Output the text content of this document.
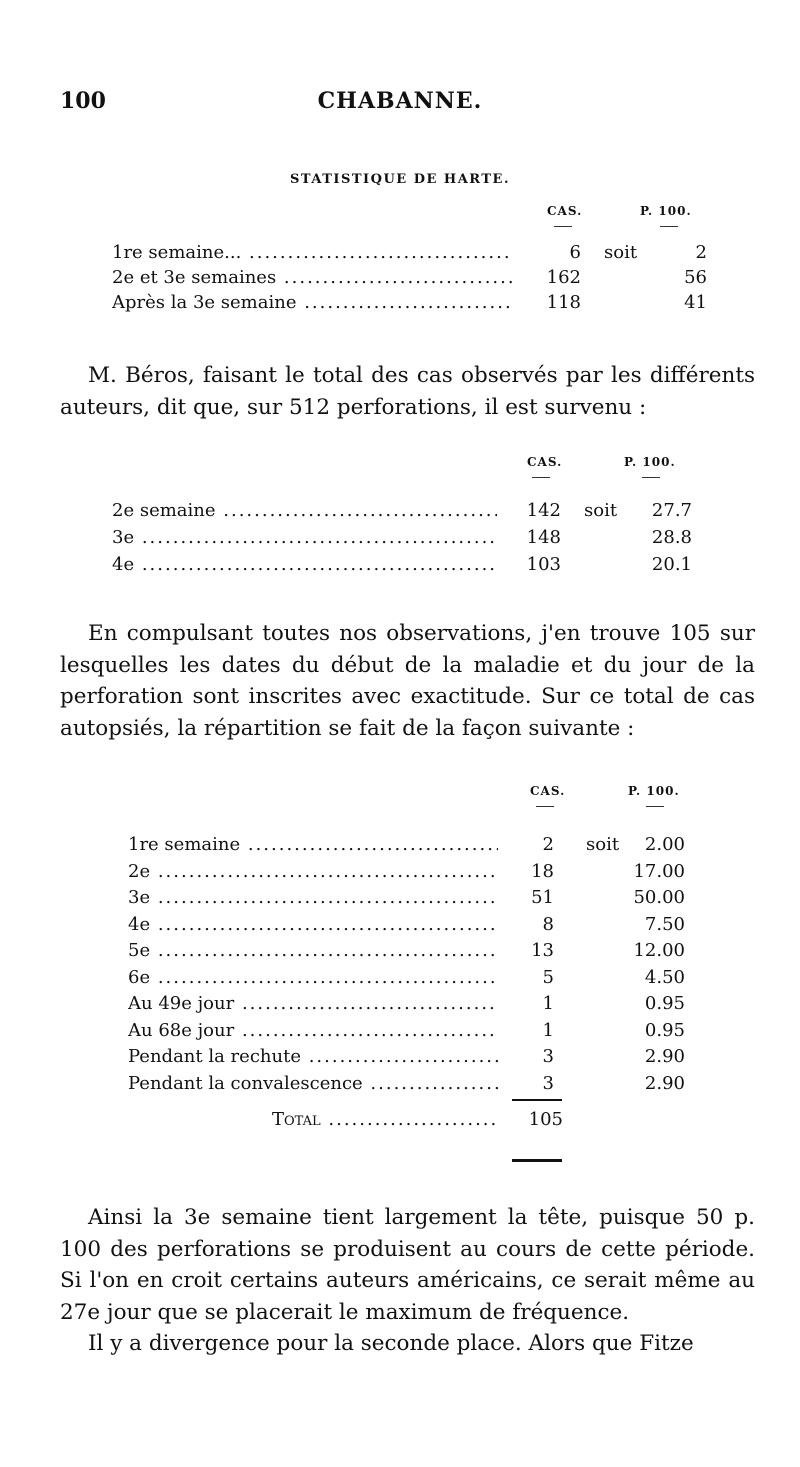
100	CHABANNE.
STATISTIQUE DE HARTE.
CAS.	P. 100.
1re semaine... .....	6 soit	2
2e et 3e semaines .....	162	56
Après la 3e semaine .....	118	41

M. Béros, faisant le total des cas observés par les différents auteurs, dit que, sur 512 perforations, il est survenu :

CAS.	P. 100.
2e semaine .....	142 soit	27.7
3e .....	148	28.8
4e .....	103	20.1

En compulsant toutes nos observations, j'en trouve 105 sur lesquelles les dates du début de la maladie et du jour de la perforation sont inscrites avec exactitude. Sur ce total de cas autopsiés, la répartition se fait de la façon suivante :

CAS.	P. 100.
1re semaine .....	2 soit	2.00
2e .....	18	17.00
3e .....	51	50.00
4e .....	8	7.50
5e .....	13	12.00
6e .....	5	4.50
Au 49e jour .....	1	0.95
Au 68e jour .....	1	0.95
Pendant la rechute .....	3	2.90
Pendant la convalescence .....	3	2.90
Total .....	105

Ainsi la 3e semaine tient largement la tête, puisque 50 p. 100 des perforations se produisent au cours de cette période. Si l'on en croit certains auteurs américains, ce serait même au 27e jour que se placerait le maximum de fréquence.

Il y a divergence pour la seconde place. Alors que Fitze
